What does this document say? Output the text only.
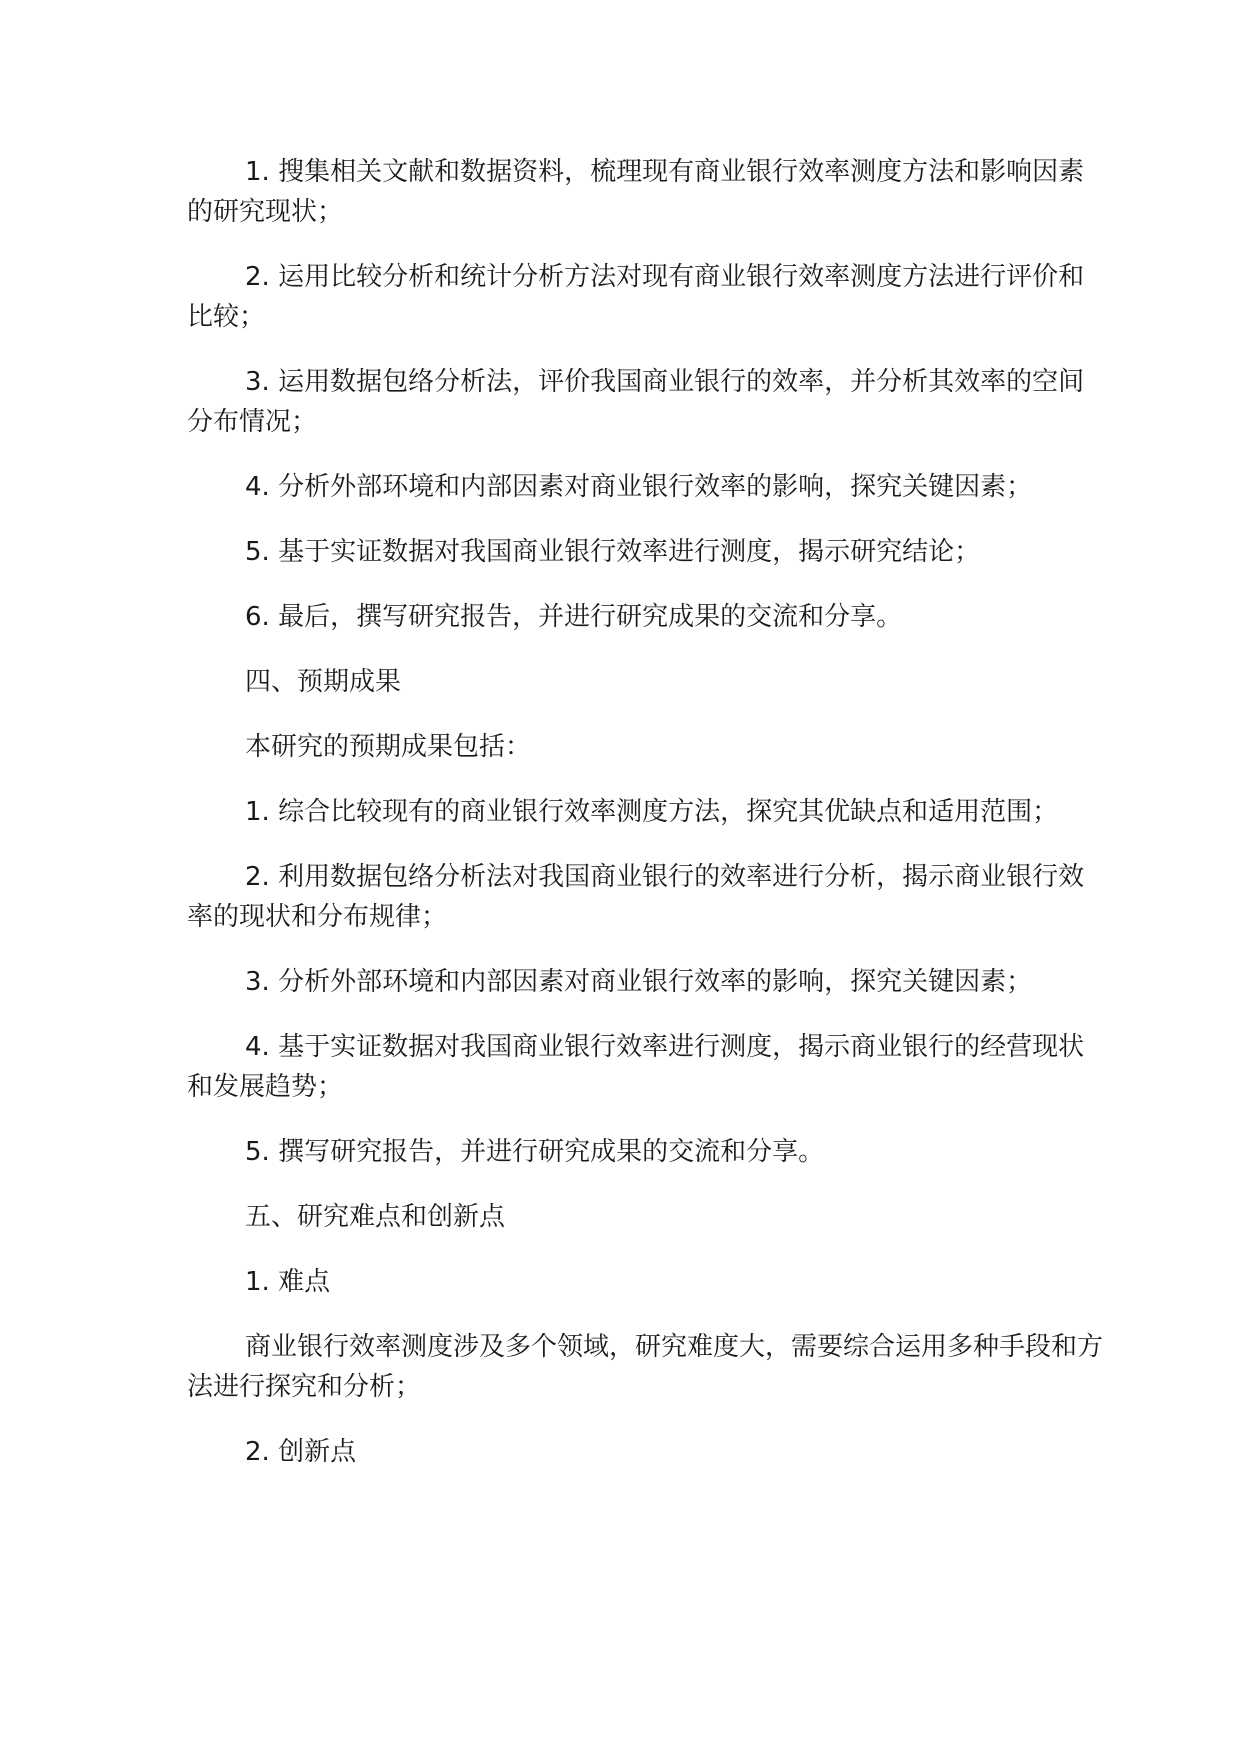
1. 搜集相关文献和数据资料，梳理现有商业银行效率测度方法和影响因素的研究现状；

2. 运用比较分析和统计分析方法对现有商业银行效率测度方法进行评价和比较；

3. 运用数据包络分析法，评价我国商业银行的效率，并分析其效率的空间分布情况；

4. 分析外部环境和内部因素对商业银行效率的影响，探究关键因素；

5. 基于实证数据对我国商业银行效率进行测度，揭示研究结论；

6. 最后，撰写研究报告，并进行研究成果的交流和分享。

四、预期成果

本研究的预期成果包括：

1. 综合比较现有的商业银行效率测度方法，探究其优缺点和适用范围；

2. 利用数据包络分析法对我国商业银行的效率进行分析，揭示商业银行效率的现状和分布规律；

3. 分析外部环境和内部因素对商业银行效率的影响，探究关键因素；

4. 基于实证数据对我国商业银行效率进行测度，揭示商业银行的经营现状和发展趋势；

5. 撰写研究报告，并进行研究成果的交流和分享。

五、研究难点和创新点

1. 难点

商业银行效率测度涉及多个领域，研究难度大，需要综合运用多种手段和方法进行探究和分析；

2. 创新点
